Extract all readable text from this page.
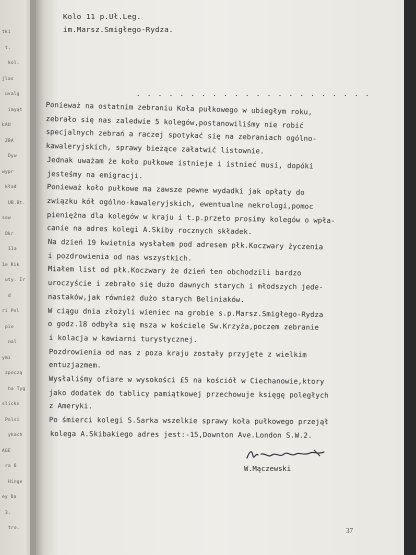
tki
t.
kol.
jlas
uvalg
imyąt
ŁAU
ZBA
Dyw
wypr
kład
UB.Bt.
sow
Okr
11a
1e Rik
uty. Ir
d
ri Pol
pio
nal
ymi
zpoczą
ha Tyg
slicks
Polsi
ykach
AGE
ra 6
Hinge
ey Da
3.
tro.
Kolo 11 p.Uł.Leg.
im.Marsz.Smigłego-Rydza.
. . . . . . . . . . . . . . . . . . . . . .
Ponieważ na ostatnim zebraniu Koła pułkowego w ubiegłym roku,
zebrało się nas zaledwie 5 kolegów,postanowiliśmy nie robić
specjalnych zebrań a raczej spotykać się na zebraniach ogólno-
kawaleryjskich, sprawy bieżące załatwić listownie.
Jednak uważam że koło pułkowe istnieje i istnieć musi, dopóki
jesteśmy na emigracji.
Ponieważ koło pułkowe ma zawsze pewne wydadki jak opłaty do
związku kół ogólno-kawaleryjskich, ewentualne nekrologi,pomoc
pieniężna dla kolegów w kraju i t.p.przeto prosimy kolegów o wpła-
canie na adres kolegi A.Skiby rocznych składek.
Na dzień 19 kwietnia wysłałem pod adresem płk.Koczwary życzenia
i pozdrowienia od nas wszystkich.
Miałem list od płk.Koczwary że dzień ten obchodzili bardzo
uroczyście i zebrało się dużo dawnych starych i młodszych jede-
nastaków,jak również dużo starych Beliniaków.
W ciągu dnia złożyli wieniec na grobie s.p.Marsz.Smigłego-Rydza
o godz.18 odbyła się msza w kościele Sw.Krzyża,poczem zebranie
i kolacja w kawiarni turystycznej.
Pozdrowienia od nas z poza kraju zostały przyjęte z wielkim
entuzjazmem.
Wysłaliśmy ofiare w wysokości £5 na kościół w Ciechanowie,ktory
jako dodatek do tablicy pamiątkowej przechowuje księgę poległych
z Ameryki.
Po śmierci kolegi S.Sarka wszelkie sprawy koła pułkowego przejął
kolega A.Skibakiego adres jest:-15,Downton Ave.London S.W.2.
W.Mączewski
37
